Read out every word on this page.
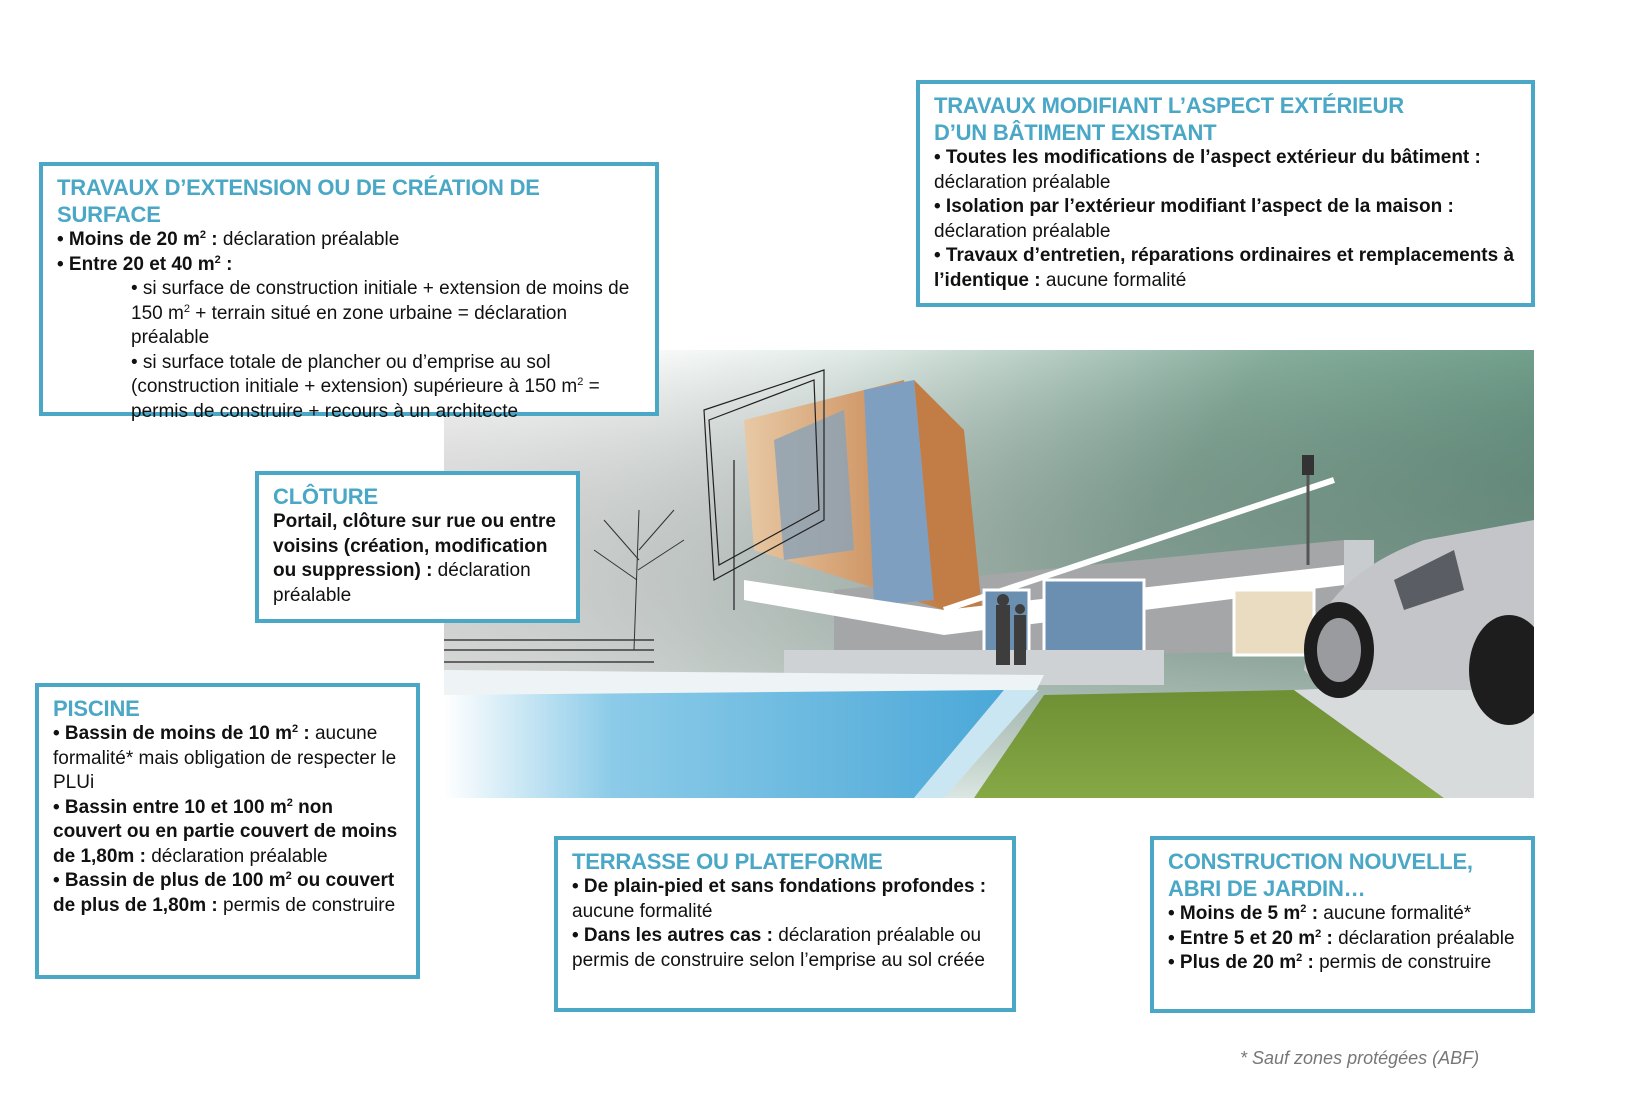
TRAVAUX D’EXTENSION OU DE CRÉATION DE SURFACE
• Moins de 20 $m^2$ : déclaration préalable
• Entre 20 et 40 $m^2$ :
• si surface de construction initiale + extension de moins de 150 $m^2$ + terrain situé en zone urbaine = déclaration préalable
• si surface totale de plancher ou d’emprise au sol (construction initiale + extension) supérieure à 150 $m^2$ = permis de construire + recours à un architecte
TRAVAUX MODIFIANT L’ASPECT EXTÉRIEUR
D’UN BÂTIMENT EXISTANT
• Toutes les modifications de l’aspect extérieur du bâtiment : déclaration préalable
• Isolation par l’extérieur modifiant l’aspect de la maison : déclaration préalable
• Travaux d’entretien, réparations ordinaires et remplacements à l’identique : aucune formalité
CLÔTURE
Portail, clôture sur rue ou entre voisins (création, modification ou suppression) : déclaration préalable
PISCINE
• Bassin de moins de 10 $m^2$ : aucune formalité* mais obligation de respecter le PLUi
• Bassin entre 10 et 100 $m^2$ non couvert ou en partie couvert de moins de 1,80m : déclaration préalable
• Bassin de plus de 100 $m^2$ ou couvert de plus de 1,80m : permis de construire
TERRASSE OU PLATEFORME
• De plain-pied et sans fondations profondes : aucune formalité
• Dans les autres cas : déclaration préalable ou permis de construire selon l’emprise au sol créée
CONSTRUCTION NOUVELLE,
ABRI DE JARDIN…
• Moins de 5 $m^2$ : aucune formalité*
• Entre 5 et 20 $m^2$ : déclaration préalable
• Plus de 20 $m^2$ : permis de construire
* Sauf zones protégées (ABF)
